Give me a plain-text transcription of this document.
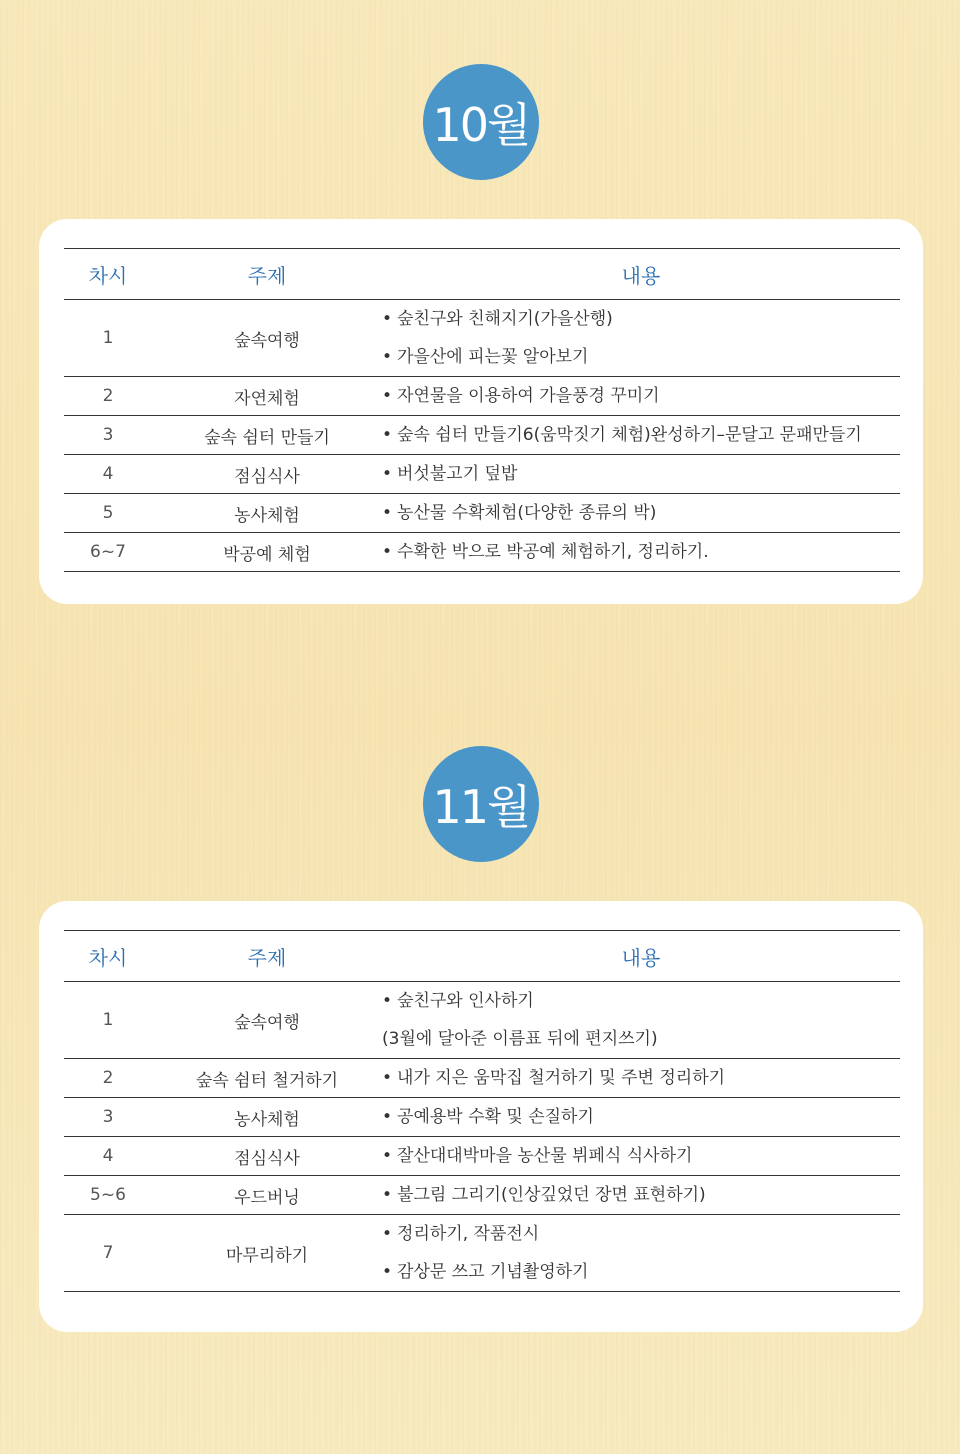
10월
차시	주제	내용
1	숲속여행	• 숲친구와 친해지기(가을산행)
• 가을산에 피는꽃 알아보기

2	자연체험	• 자연물을 이용하여 가을풍경 꾸미기

3	숲속 쉼터 만들기	• 숲속 쉼터 만들기6(움막짓기 체험)완성하기–문달고 문패만들기

4	점심식사	• 버섯불고기 덮밥

5	농사체험	• 농산물 수확체험(다양한 종류의 박)

6~7	박공예 체험	• 수확한 박으로 박공예 체험하기, 정리하기.
11월
차시	주제	내용
1	숲속여행	• 숲친구와 인사하기
(3월에 달아준 이름표 뒤에 편지쓰기)

2	숲속 쉼터 철거하기	• 내가 지은 움막집 철거하기 및 주변 정리하기

3	농사체험	• 공예용박 수확 및 손질하기

4	점심식사	• 잘산대대박마을 농산물 뷔페식 식사하기

5~6	우드버닝	• 불그림 그리기(인상깊었던 장면 표현하기)

7	마무리하기	• 정리하기, 작품전시
• 감상문 쓰고 기념촬영하기
